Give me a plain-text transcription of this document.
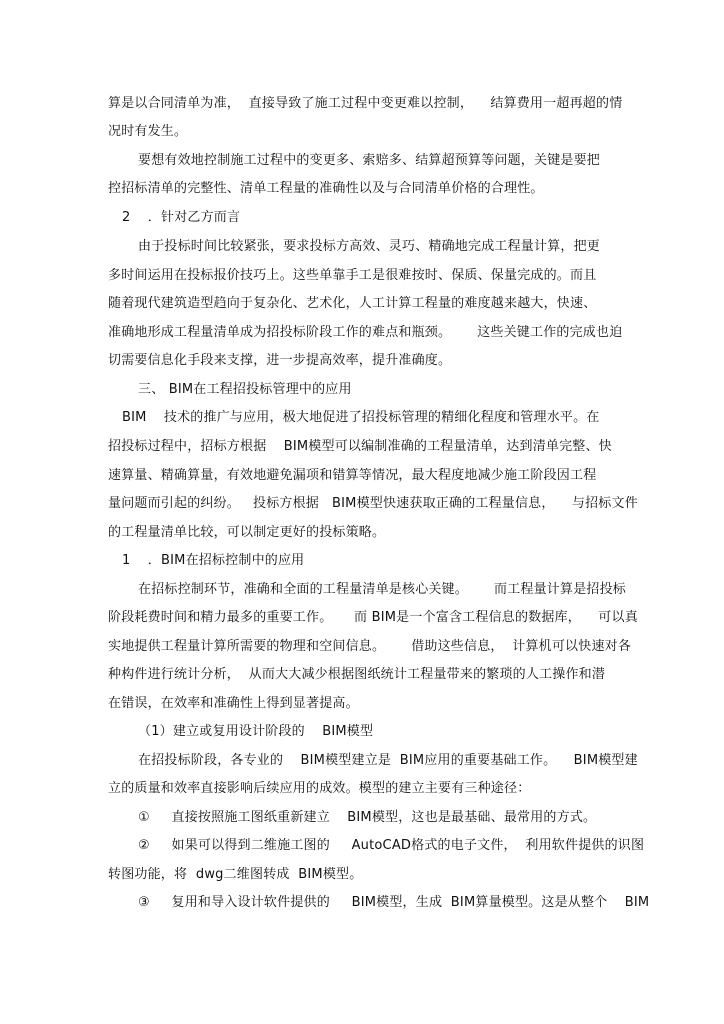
算是以合同清单为准，  直接导致了施工过程中变更难以控制，    结算费用一超再超的情
况时有发生。
要想有效地控制施工过程中的变更多、索赔多、结算超预算等问题，关键是要把
控招标清单的完整性、清单工程量的准确性以及与合同清单价格的合理性。
2    ．针对乙方而言
由于投标时间比较紧张，要求投标方高效、灵巧、精确地完成工程量计算，把更
多时间运用在投标报价技巧上。这些单靠手工是很难按时、保质、保量完成的。而且
随着现代建筑造型趋向于复杂化、艺术化，人工计算工程量的难度越来越大，快速、
准确地形成工程量清单成为招投标阶段工作的难点和瓶颈。      这些关键工作的完成也迫
切需要信息化手段来支撑，进一步提高效率，提升准确度。
三、 BIM在工程招投标管理中的应用
BIM    技术的推广与应用，极大地促进了招投标管理的精细化程度和管理水平。在
招投标过程中，招标方根据    BIM模型可以编制准确的工程量清单，达到清单完整、快
速算量、精确算量，有效地避免漏项和错算等情况，最大程度地减少施工阶段因工程
量问题而引起的纠纷。   投标方根据   BIM模型快速获取正确的工程量信息，    与招标文件
的工程量清单比较，可以制定更好的投标策略。
1    ．BIM在招标控制中的应用
在招标控制环节，准确和全面的工程量清单是核心关键。      而工程量计算是招投标
阶段耗费时间和精力最多的重要工作。     而 BIM是一个富含工程信息的数据库，    可以真
实地提供工程量计算所需要的物理和空间信息。      借助这些信息，  计算机可以快速对各
种构件进行统计分析，  从而大大减少根据图纸统计工程量带来的繁琐的人工操作和潜
在错误，在效率和准确性上得到显著提高。
（1）建立或复用设计阶段的    BIM模型
在招投标阶段，各专业的    BIM模型建立是  BIM应用的重要基础工作。    BIM模型建
立的质量和效率直接影响后续应用的成效。模型的建立主要有三种途径：
①     直接按照施工图纸重新建立    BIM模型，这也是最基础、最常用的方式。
②     如果可以得到二维施工图的     AutoCAD格式的电子文件，  利用软件提供的识图
转图功能，将  dwg二维图转成  BIM模型。
③     复用和导入设计软件提供的     BIM模型，生成  BIM算量模型。这是从整个    BIM
